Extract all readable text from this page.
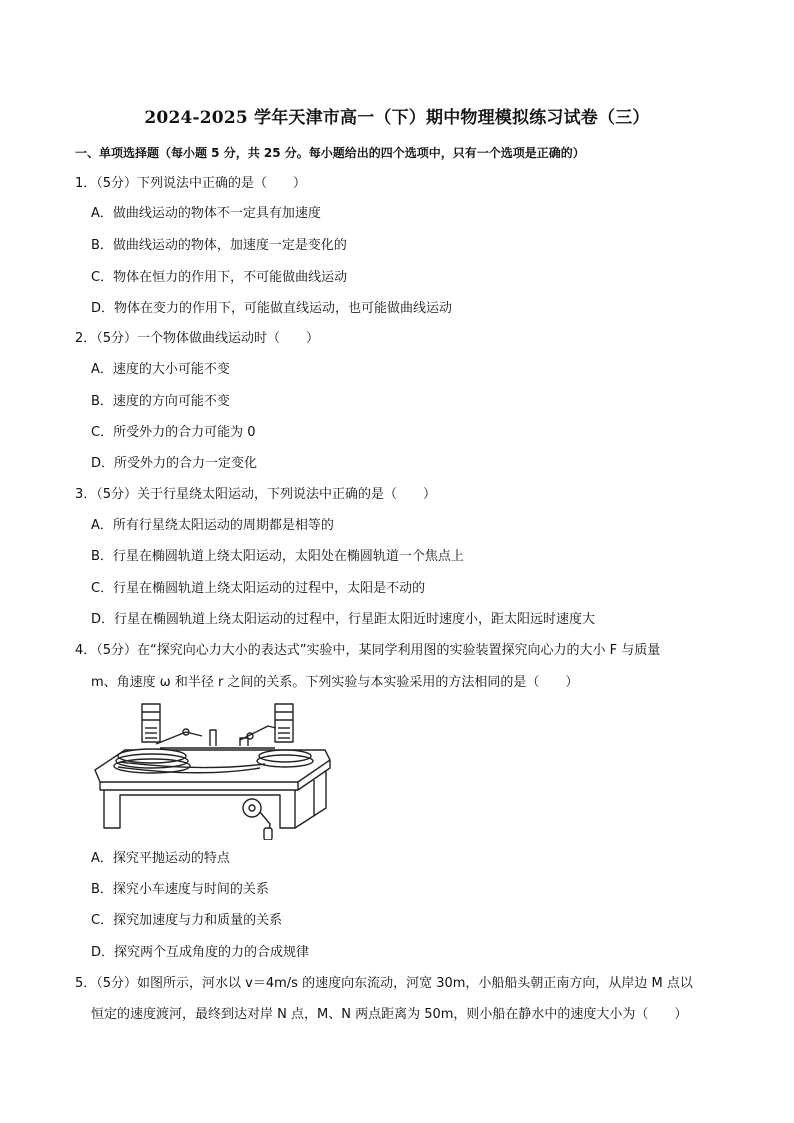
2024-2025 学年天津市高一（下）期中物理模拟练习试卷（三）
一、单项选择题（每小题 5 分，共 25 分。每小题给出的四个选项中，只有一个选项是正确的）
1．（5分）下列说法中正确的是（　　）
A．做曲线运动的物体不一定具有加速度
B．做曲线运动的物体，加速度一定是变化的
C．物体在恒力的作用下，不可能做曲线运动
D．物体在变力的作用下，可能做直线运动，也可能做曲线运动
2．（5分）一个物体做曲线运动时（　　）
A．速度的大小可能不变
B．速度的方向可能不变
C．所受外力的合力可能为 0
D．所受外力的合力一定变化
3．（5分）关于行星绕太阳运动，下列说法中正确的是（　　）
A．所有行星绕太阳运动的周期都是相等的
B．行星在椭圆轨道上绕太阳运动，太阳处在椭圆轨道一个焦点上
C．行星在椭圆轨道上绕太阳运动的过程中，太阳是不动的
D．行星在椭圆轨道上绕太阳运动的过程中，行星距太阳近时速度小，距太阳远时速度大
4．（5分）在“探究向心力大小的表达式”实验中，某同学利用图的实验装置探究向心力的大小 F 与质量
m、角速度 ω 和半径 r 之间的关系。下列实验与本实验采用的方法相同的是（　　）
A．探究平抛运动的特点
B．探究小车速度与时间的关系
C．探究加速度与力和质量的关系
D．探究两个互成角度的力的合成规律
5．（5分）如图所示，河水以 v＝4m/s 的速度向东流动，河宽 30m，小船船头朝正南方向，从岸边 M 点以
恒定的速度渡河，最终到达对岸 N 点，M、N 两点距离为 50m，则小船在静水中的速度大小为（　　）
